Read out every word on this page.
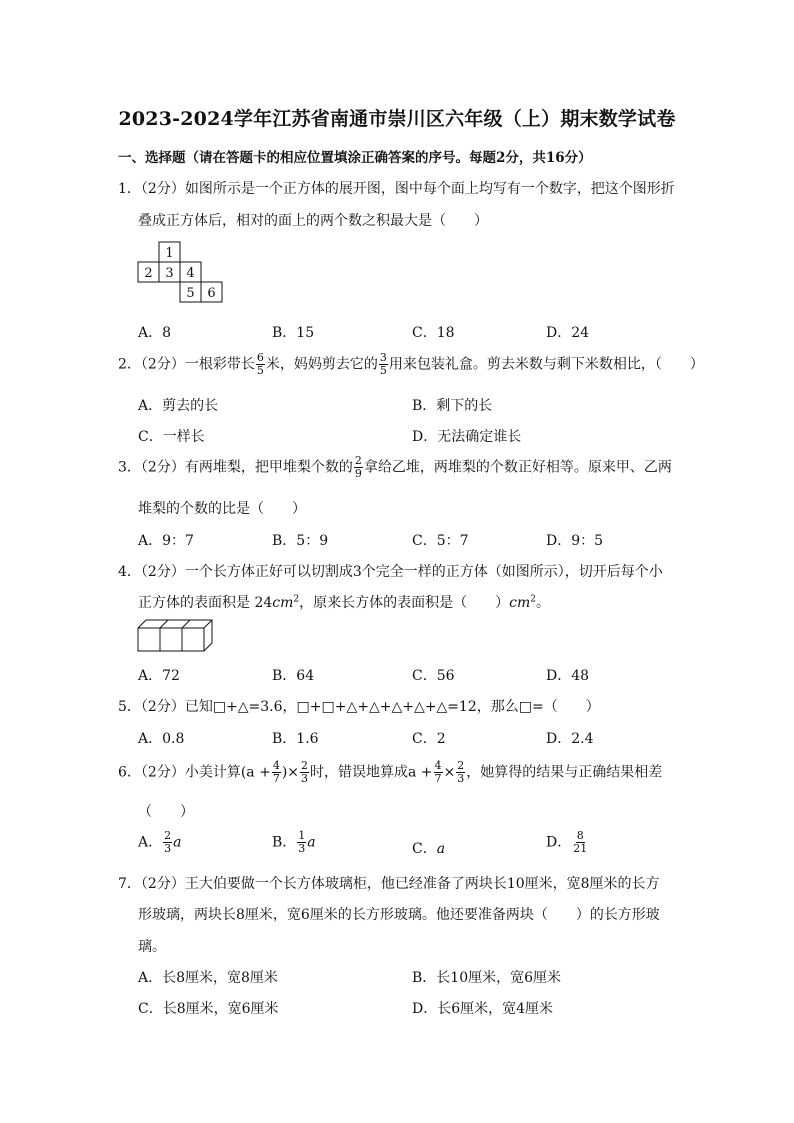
2023-2024学年江苏省南通市崇川区六年级（上）期末数学试卷
一、选择题（请在答题卡的相应位置填涂正确答案的序号。每题2分，共16分）
1．（2分）如图所示是一个正方体的展开图，图中每个面上均写有一个数字，把这个图形折
叠成正方体后，相对的面上的两个数之积最大是（　　）
1
2 3 4
5 6
A．8	B．15	C．18	D．24
2．（2分）一根彩带长 $\frac{6}{5}$ 米，妈妈剪去它的 $\frac{3}{5}$ 用来包装礼盒。剪去米数与剩下米数相比，（　　）
A．剪去的长	B．剩下的长
C．一样长	D．无法确定谁长
3．（2分）有两堆梨，把甲堆梨个数的 $\frac{2}{9}$ 拿给乙堆，两堆梨的个数正好相等。原来甲、乙两
堆梨的个数的比是（　　）
A．9：7	B．5：9	C．5：7	D．9：5
4．（2分）一个长方体正好可以切割成3个完全一样的正方体（如图所示），切开后每个小
正方体的表面积是 $24cm^2$，原来长方体的表面积是（　　）$cm^2$。
A．72	B．64	C．56	D．48
5．（2分）已知□+△=3.6，□+□+△+△+△+△+△=12，那么□=（　　）
A．0.8	B．1.6	C．2	D．2.4
6．（2分）小美计算($a + \frac{4}{7}$ )× $\frac{2}{3}$ 时，错误地算成$a + \frac{4}{7} \times \frac{2}{3}$ ，她算得的结果与正确结果相差
（　　）
A． $\frac{2}{3}$ a	B． $\frac{1}{3}$ a	C．a	D． $\frac{8}{21}$
7．（2分）王大伯要做一个长方体玻璃柜，他已经准备了两块长10厘米，宽8厘米的长方
形玻璃，两块长8厘米，宽6厘米的长方形玻璃。他还要准备两块（　　）的长方形玻
璃。
A．长8厘米，宽8厘米	B．长10厘米，宽6厘米
C．长8厘米，宽6厘米	D．长6厘米，宽4厘米
